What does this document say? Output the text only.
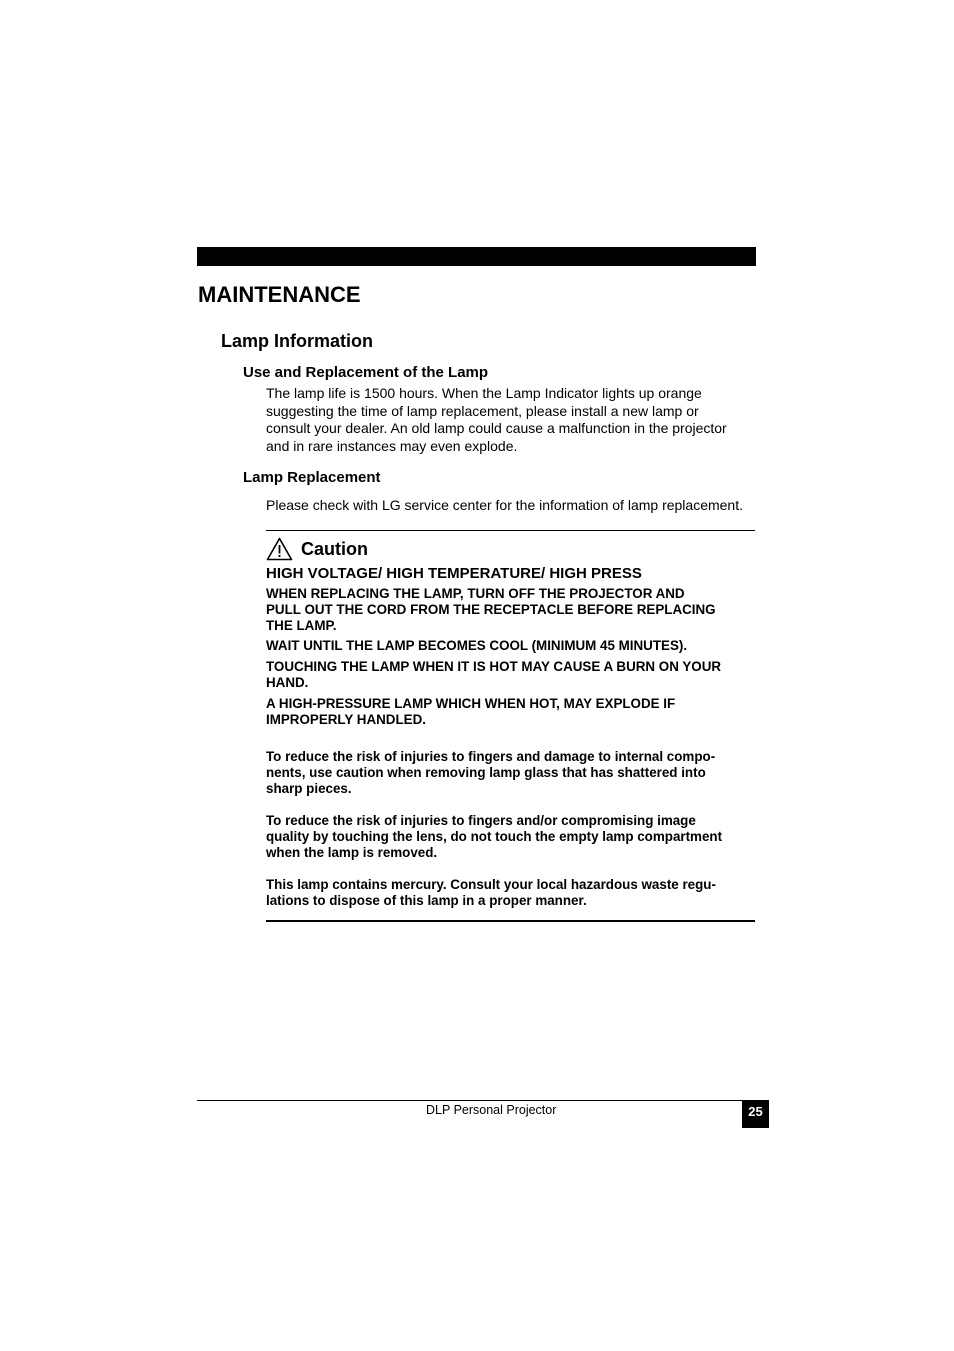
MAINTENANCE
Lamp Information
Use and Replacement of the Lamp

The lamp life is 1500 hours. When the Lamp Indicator lights up orange
suggesting the time of lamp replacement, please install a new lamp or
consult your dealer. An old lamp could cause a malfunction in the projector
and in rare instances may even explode.

Lamp Replacement

Please check with LG service center for the information of lamp replacement.

Caution
HIGH VOLTAGE/ HIGH TEMPERATURE/ HIGH PRESS

WHEN REPLACING THE LAMP, TURN OFF THE PROJECTOR AND
PULL OUT THE CORD FROM THE RECEPTACLE BEFORE REPLACING
THE LAMP.

WAIT UNTIL THE LAMP BECOMES COOL (MINIMUM 45 MINUTES).

TOUCHING THE LAMP WHEN IT IS HOT MAY CAUSE A BURN ON YOUR
HAND.

A HIGH-PRESSURE LAMP WHICH WHEN HOT, MAY EXPLODE IF
IMPROPERLY HANDLED.

To reduce the risk of injuries to fingers and damage to internal compo-
nents, use caution when removing lamp glass that has shattered into
sharp pieces.

To reduce the risk of injuries to fingers and/or compromising image
quality by touching the lens, do not touch the empty lamp compartment
when the lamp is removed.

This lamp contains mercury. Consult your local hazardous waste regu-
lations to dispose of this lamp in a proper manner.

DLP Personal Projector	25
